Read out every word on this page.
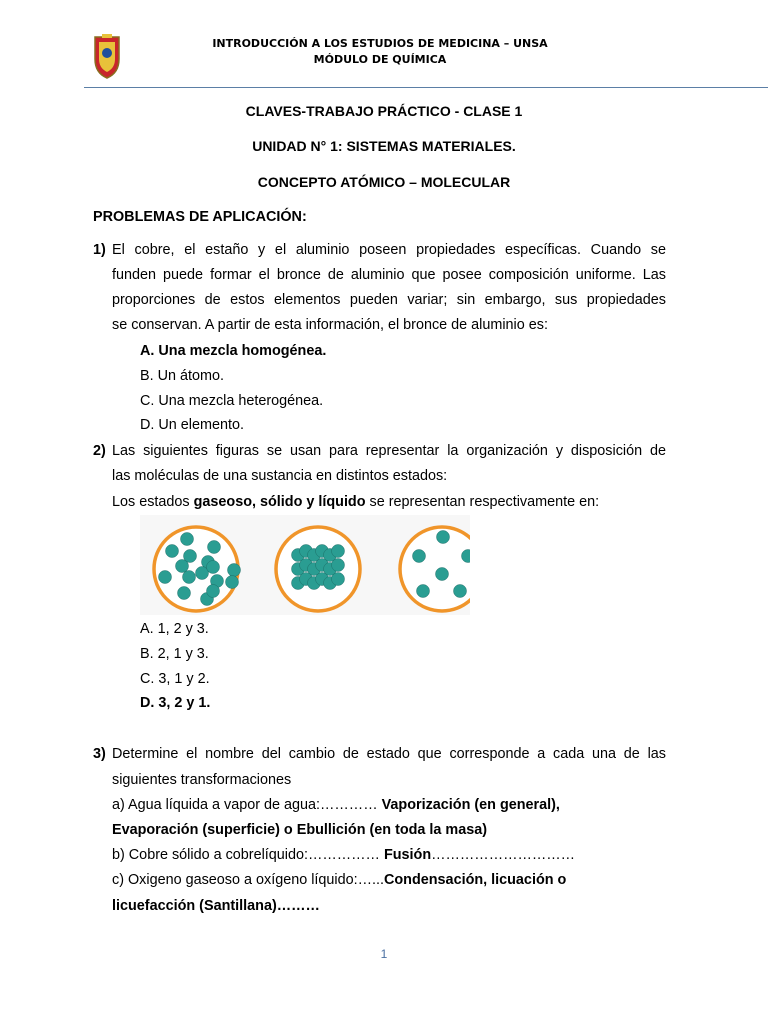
INTRODUCCIÓN A LOS ESTUDIOS DE MEDICINA – UNSA
MÓDULO DE QUÍMICA
CLAVES-TRABAJO PRÁCTICO - CLASE 1
UNIDAD N° 1: SISTEMAS MATERIALES.
CONCEPTO ATÓMICO – MOLECULAR
PROBLEMAS DE APLICACIÓN:
1) El cobre, el estaño y el aluminio poseen propiedades específicas. Cuando se
funden puede formar el bronce de aluminio que posee composición uniforme. Las
proporciones de estos elementos pueden variar; sin embargo, sus propiedades
se conservan. A partir de esta información, el bronce de aluminio es:
A. Una mezcla homogénea.
B. Un átomo.
C. Una mezcla heterogénea.
D. Un elemento.
2) Las siguientes figuras se usan para representar la organización y disposición de
las moléculas de una sustancia en distintos estados:
Los estados gaseoso, sólido y líquido se representan respectivamente en:
A. 1, 2 y 3.
B. 2, 1 y 3.
C. 3, 1 y 2.
D. 3, 2 y 1.
3) Determine el nombre del cambio de estado que corresponde a cada una de las
siguientes transformaciones
a) Agua líquida a vapor de agua:………… Vaporización (en general),
Evaporación (superficie) o Ebullición (en toda la masa)
b) Cobre sólido a cobrelíquido:…………… Fusión…………………………
c) Oxigeno gaseoso a oxígeno líquido:…...Condensación, licuación o
licuefacción (Santillana)………
1
